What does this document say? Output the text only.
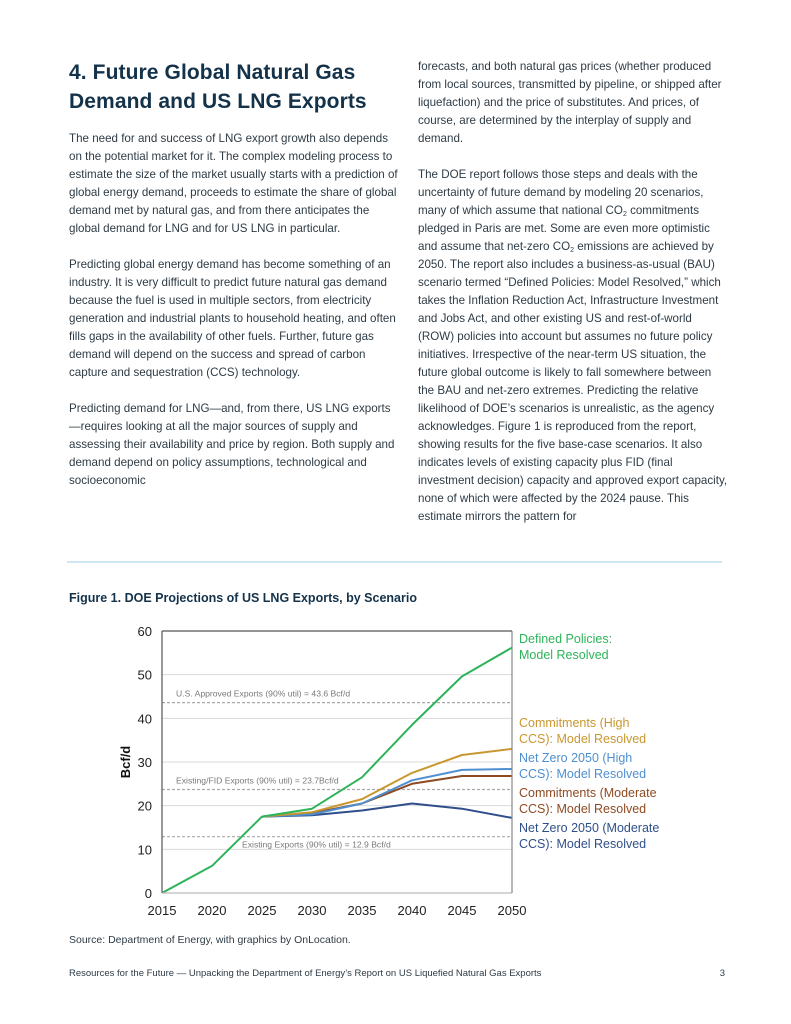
4. Future Global Natural Gas Demand and US LNG Exports

The need for and success of LNG export growth also depends on the potential market for it. The complex modeling process to estimate the size of the market usually starts with a prediction of global energy demand, proceeds to estimate the share of global demand met by natural gas, and from there anticipates the global demand for LNG and for US LNG in particular.

Predicting global energy demand has become something of an industry. It is very difficult to predict future natural gas demand because the fuel is used in multiple sectors, from electricity generation and industrial plants to household heating, and often fills gaps in the availability of other fuels. Further, future gas demand will depend on the success and spread of carbon capture and sequestration (CCS) technology.

Predicting demand for LNG—and, from there, US LNG exports—requires looking at all the major sources of supply and assessing their availability and price by region. Both supply and demand depend on policy assumptions, technological and socioeconomic

forecasts, and both natural gas prices (whether produced from local sources, transmitted by pipeline, or shipped after liquefaction) and the price of substitutes. And prices, of course, are determined by the interplay of supply and demand.

The DOE report follows those steps and deals with the uncertainty of future demand by modeling 20 scenarios, many of which assume that national $CO_2$ commitments pledged in Paris are met. Some are even more optimistic and assume that net-zero $CO_2$ emissions are achieved by 2050. The report also includes a business-as-usual (BAU) scenario termed “Defined Policies: Model Resolved,” which takes the Inflation Reduction Act, Infrastructure Investment and Jobs Act, and other existing US and rest-of-world (ROW) policies into account but assumes no future policy initiatives. Irrespective of the near-term US situation, the future global outcome is likely to fall somewhere between the BAU and net-zero extremes. Predicting the relative likelihood of DOE’s scenarios is unrealistic, as the agency acknowledges. Figure 1 is reproduced from the report, showing results for the five base-case scenarios. It also indicates levels of existing capacity plus FID (final investment decision) capacity and approved export capacity, none of which were affected by the 2024 pause. This estimate mirrors the pattern for

Figure 1. DOE Projections of US LNG Exports, by Scenario
U.S. Approved Exports (90% util) = 43.6 Bcf/d
Existing/FID Exports (90% util) = 23.7Bcf/d
Existing Exports (90% util) = 12.9 Bcf/d
0
10
20
30
40
50
60
2015 2020 2025 2030 2035 2040 2045 2050
Bcf/d
Defined Policies:
Model Resolved
Commitments (High
CCS): Model Resolved
Net Zero 2050 (High
CCS): Model Resolved
Commitments (Moderate
CCS): Model Resolved
Net Zero 2050 (Moderate
CCS): Model Resolved
Source: Department of Energy, with graphics by OnLocation.
Resources for the Future — Unpacking the Department of Energy’s Report on US Liquefied Natural Gas Exports	3
